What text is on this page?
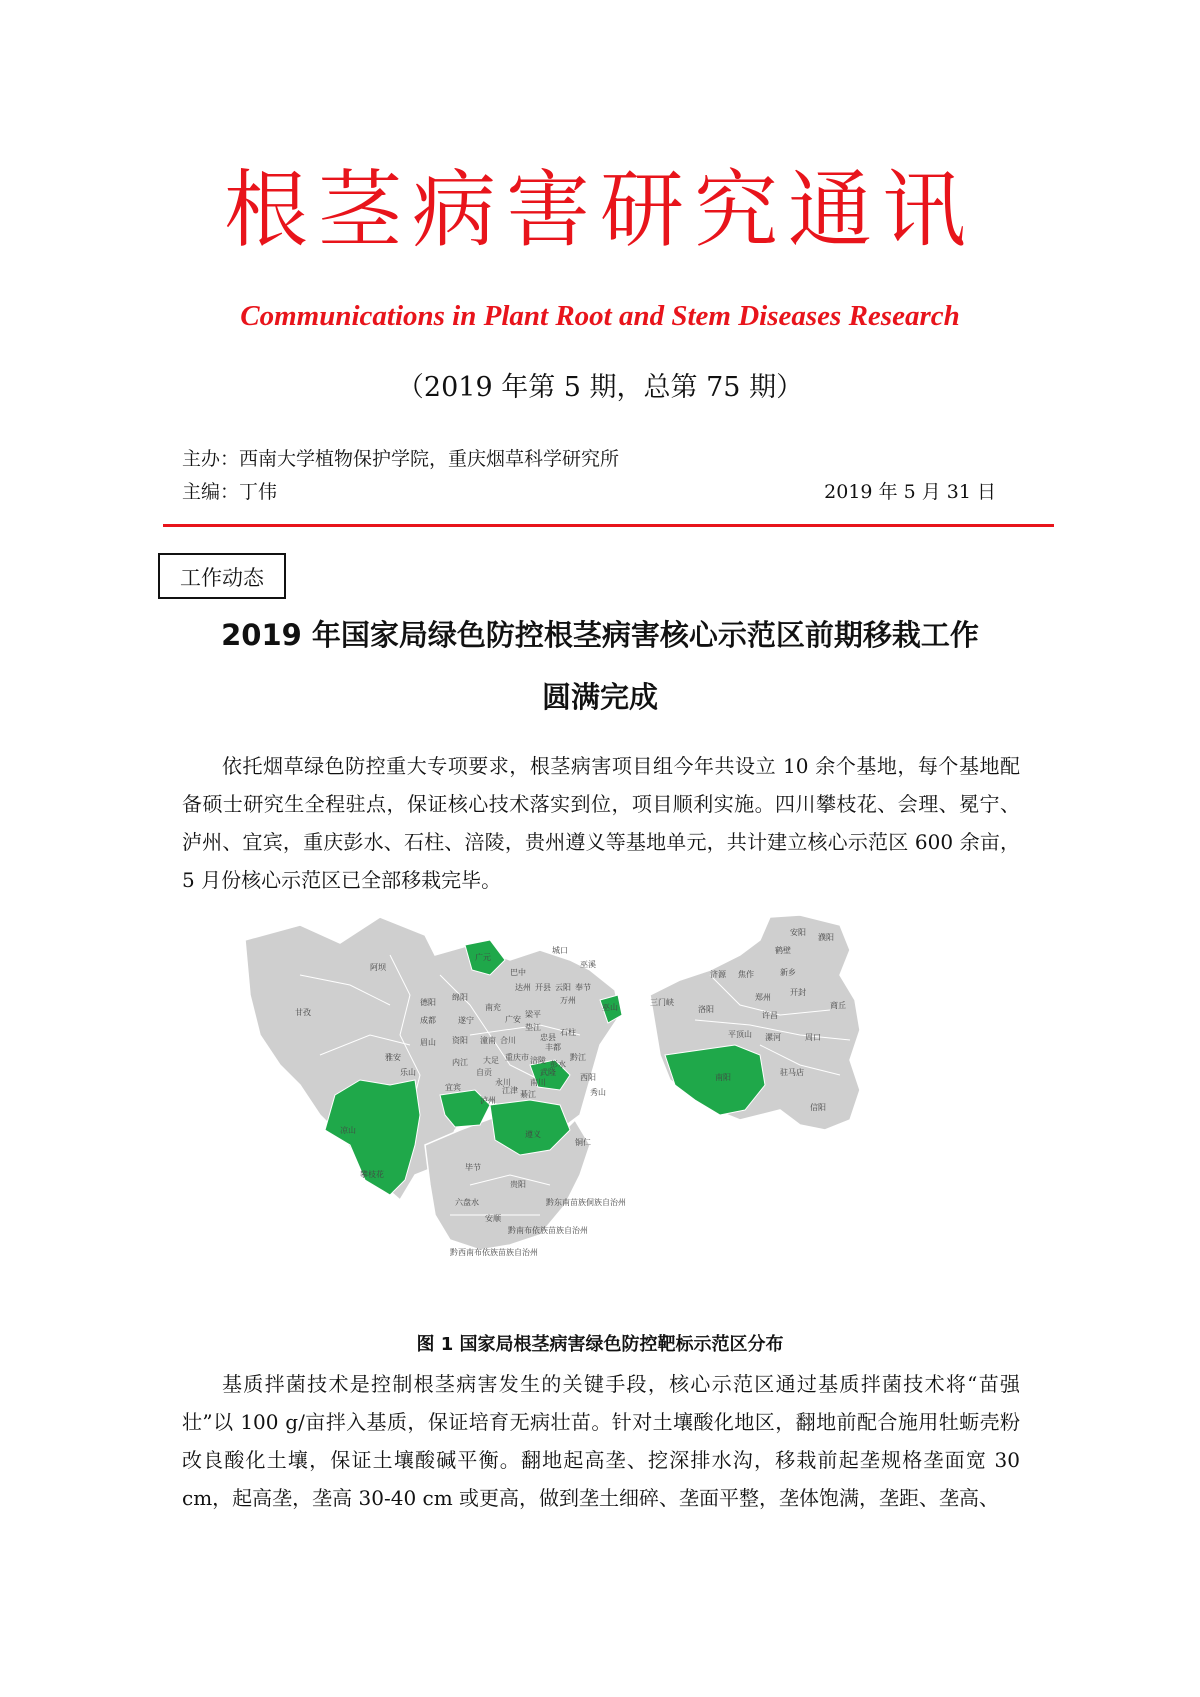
根茎病害研究通讯
Communications in Plant Root and Stem Diseases Research
（2019 年第 5 期，总第 75 期）
主办：西南大学植物保护学院，重庆烟草科学研究所
主编：丁伟	2019 年 5 月 31 日
工作动态
2019 年国家局绿色防控根茎病害核心示范区前期移栽工作
圆满完成
依托烟草绿色防控重大专项要求，根茎病害项目组今年共设立 10 余个基地，每个基地配备硕士研究生全程驻点，保证核心技术落实到位，项目顺利实施。四川攀枝花、会理、冕宁、泸州、宜宾，重庆彭水、石柱、涪陵，贵州遵义等基地单元，共计建立核心示范区 600 余亩，5 月份核心示范区已全部移栽完毕。
阿坝
甘孜
广元
巴中
达州
城口
巫溪
巫山
开县 云阳 奉节
万州
德阳
绵阳
南充
成都	遂宁	广安
梁平
雅安
眉山 资阳 潼南 合川
垫江
忠县
石柱
丰都
乐山
内江 大足 重庆市 涪陵
武隆
彭水
自贡
永川 南川
黔江
西阳
宜宾
泸州
江津 綦江	秀山
凉山	遵义
铜仁
攀枝花
毕节
贵阳
六盘水	黔东南苗族侗族自治州
安顺
黔南布依族苗族自治州
黔西南布依族苗族自治州
安阳
濮阳
鹤壁
济源 焦作	新乡
三门峡
郑州
开封
洛阳
许昌
商丘
平顶山 漯河	周口
南阳
驻马店
信阳
图 1 国家局根茎病害绿色防控靶标示范区分布
基质拌菌技术是控制根茎病害发生的关键手段，核心示范区通过基质拌菌技术将“苗强壮”以 100 g/亩拌入基质，保证培育无病壮苗。针对土壤酸化地区，翻地前配合施用牡蛎壳粉改良酸化土壤，保证土壤酸碱平衡。翻地起高垄、挖深排水沟，移栽前起垄规格垄面宽 30 cm，起高垄，垄高 30-40 cm 或更高，做到垄土细碎、垄面平整，垄体饱满，垄距、垄高、
